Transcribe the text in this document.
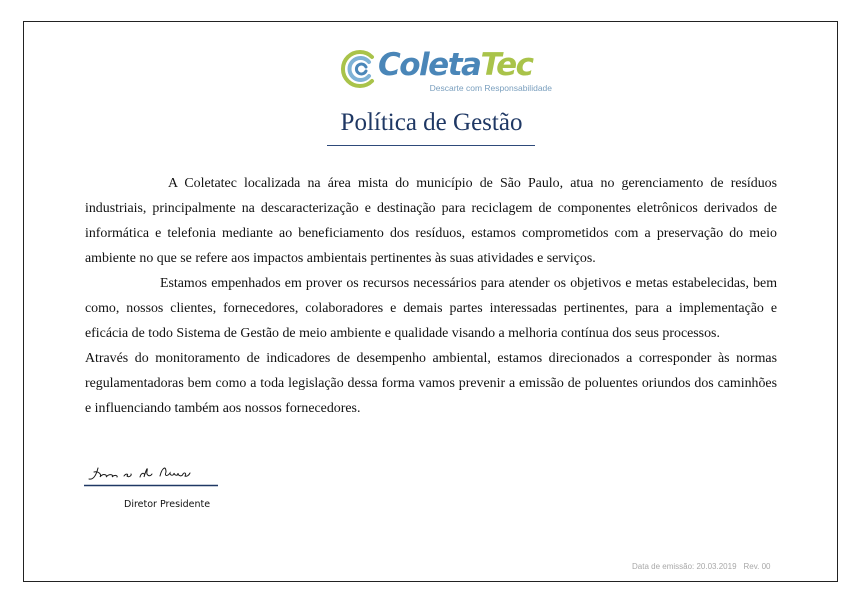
ColetaTec
Descarte com Responsabilidade
Política de Gestão

A Coletatec localizada na área mista do município de São Paulo, atua no gerenciamento de resíduos industriais, principalmente na descaracterização e destinação para reciclagem de componentes eletrônicos derivados de informática e telefonia mediante ao beneficiamento dos resíduos, estamos comprometidos com a preservação do meio ambiente no que se refere aos impactos ambientais pertinentes às suas atividades e serviços.

Estamos empenhados em prover os recursos necessários para atender os objetivos e metas estabelecidas, bem como, nossos clientes, fornecedores, colaboradores e demais partes interessadas pertinentes, para a implementação e eficácia de todo Sistema de Gestão de meio ambiente e qualidade visando a melhoria contínua dos seus processos.

Através do monitoramento de indicadores de desempenho ambiental, estamos direcionados a corresponder às normas regulamentadoras bem como a toda legislação dessa forma vamos prevenir a emissão de poluentes oriundos dos caminhões e influenciando também aos nossos fornecedores.

Diretor Presidente
Data de emissão: 20.03.2019 Rev. 00
